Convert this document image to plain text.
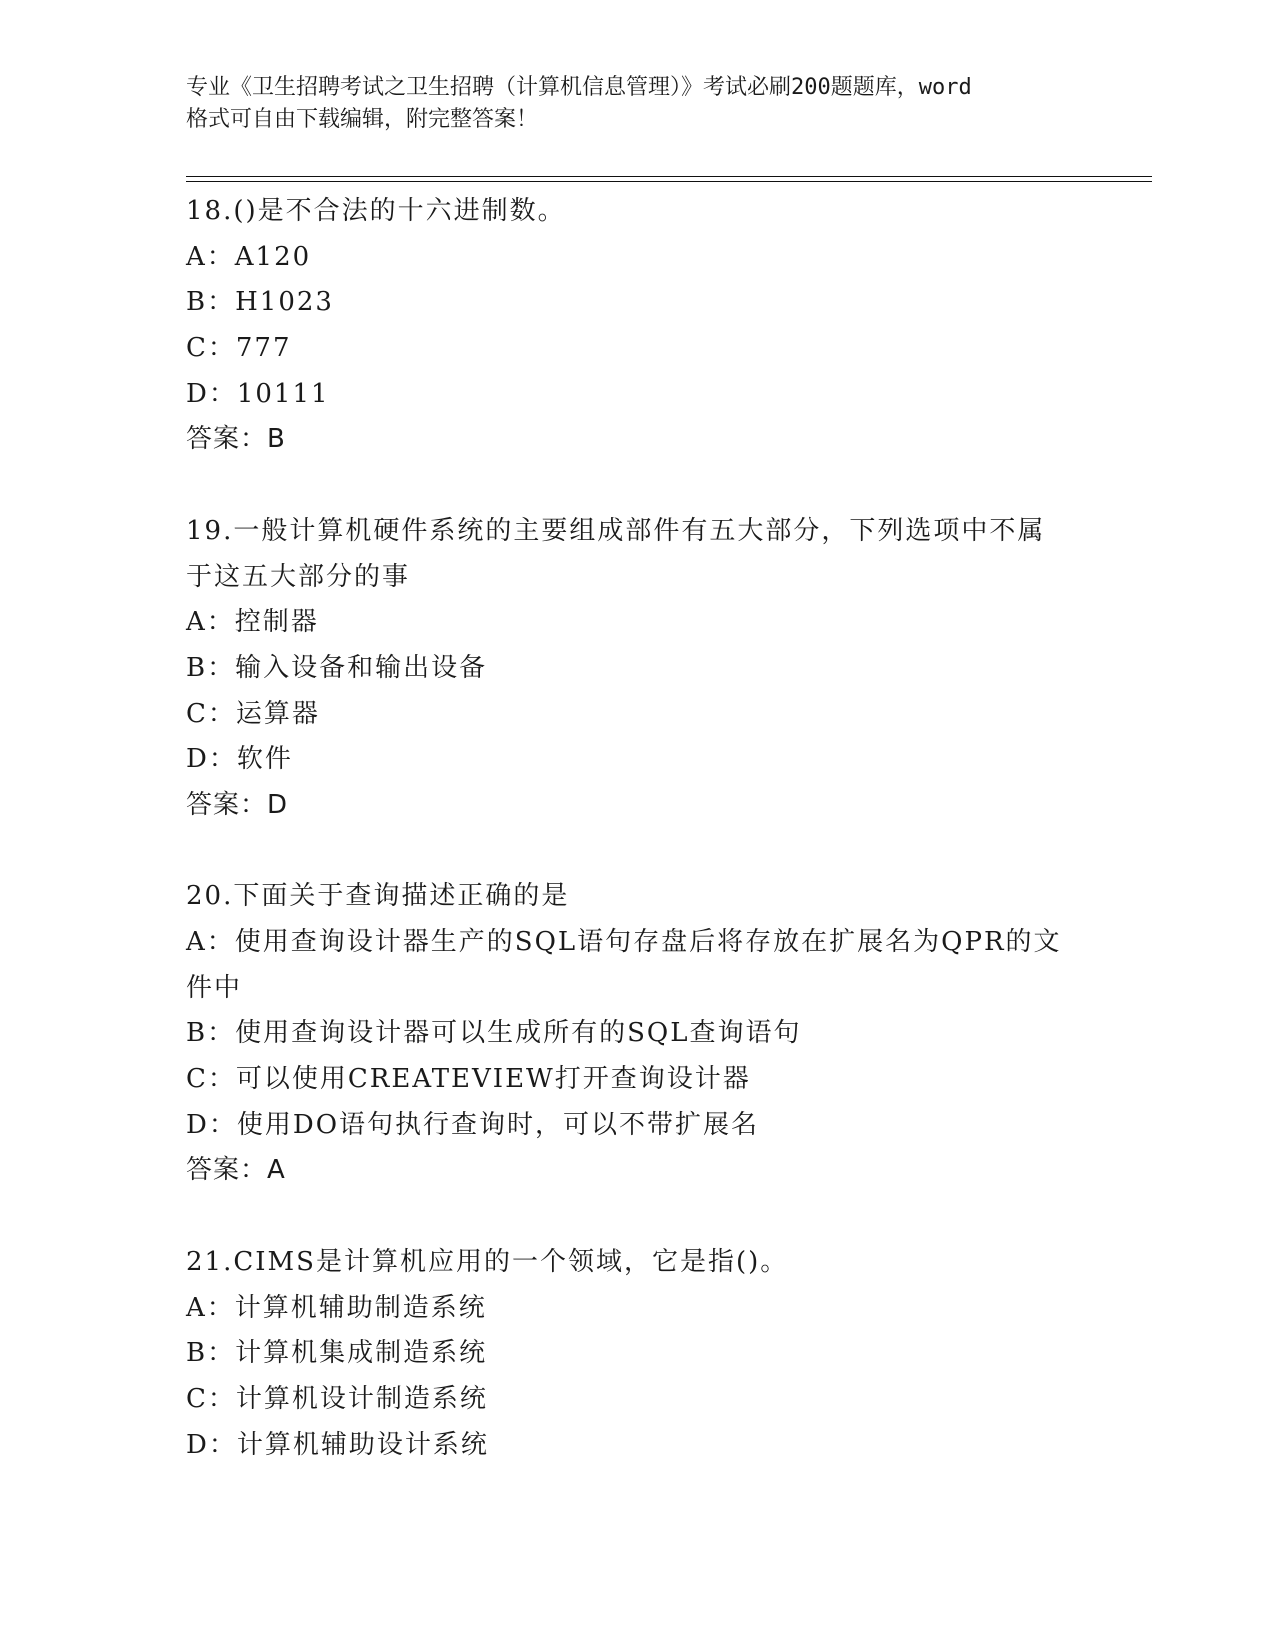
专业《卫生招聘考试之卫生招聘（计算机信息管理）》考试必刷200题题库，word
格式可自由下载编辑，附完整答案！
18.()是不合法的十六进制数。
A：A120
B：H1023
C：777
D：10111
答案：B
19.一般计算机硬件系统的主要组成部件有五大部分，下列选项中不属
于这五大部分的事
A：控制器
B：输入设备和输出设备
C：运算器
D：软件
答案：D
20.下面关于查询描述正确的是
A：使用查询设计器生产的SQL语句存盘后将存放在扩展名为QPR的文
件中
B：使用查询设计器可以生成所有的SQL查询语句
C：可以使用CREATEVIEW打开查询设计器
D：使用DO语句执行查询时，可以不带扩展名
答案：A
21.CIMS是计算机应用的一个领域，它是指()。
A：计算机辅助制造系统
B：计算机集成制造系统
C：计算机设计制造系统
D：计算机辅助设计系统
